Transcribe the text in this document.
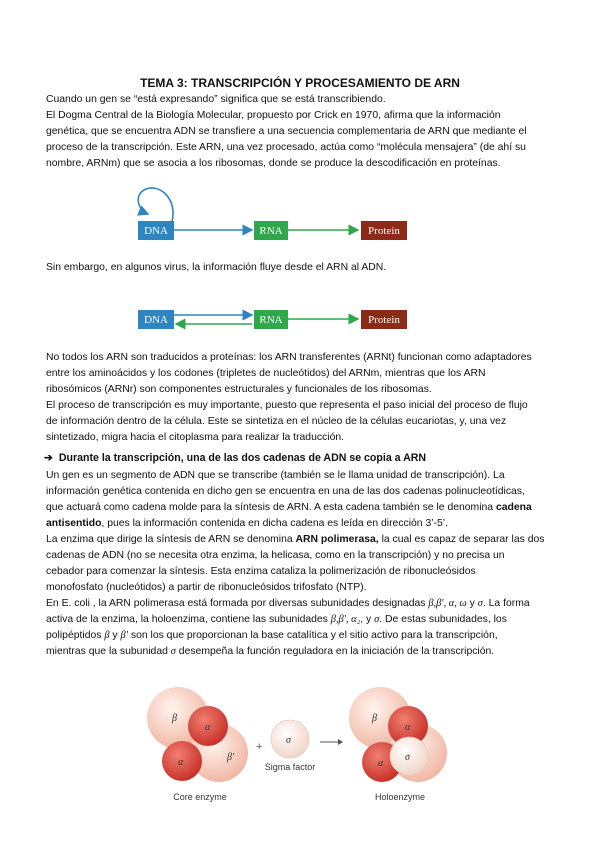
TEMA 3: TRANSCRIPCIÓN Y PROCESAMIENTO DE ARN
Cuando un gen se “está expresando” significa que se está transcribiendo.
El Dogma Central de la Biología Molecular, propuesto por Crick en 1970, afirma que la información
genética, que se encuentra ADN se transfiere a una secuencia complementaria de ARN que mediante el
proceso de la transcripción. Este ARN, una vez procesado, actúa como “molécula mensajera” (de ahí su
nombre, ARNm) que se asocia a los ribosomas, donde se produce la descodificación en proteínas.
DNA	RNA	Protein
Sin embargo, en algunos virus, la información fluye desde el ARN al ADN.
DNA	RNA	Protein
No todos los ARN son traducidos a proteínas: los ARN transferentes (ARNt) funcionan como adaptadores
entre los aminoácidos y los codones (tripletes de nucleótidos) del ARNm, mientras que los ARN
ribosómicos (ARNr) son componentes estructurales y funcionales de los ribosomas.
El proceso de transcripción es muy importante, puesto que representa el paso inicial del proceso de flujo
de información dentro de la célula. Este se sintetiza en el núcleo de la células eucariotas, y, una vez
sintetizado, migra hacia el citoplasma para realizar la traducción.
➔ Durante la transcripción, una de las dos cadenas de ADN se copia a ARN
Un gen es un segmento de ADN que se transcribe (también se le llama unidad de transcripción). La
información genética contenida en dicho gen se encuentra en una de las dos cadenas polinucleotídicas,
que actuará como cadena molde para la síntesis de ARN. A esta cadena también se le denomina cadena
antisentido, pues la información contenida en dicha cadena es leída en dirección 3’-5’.
La enzima que dirige la síntesis de ARN se denomina ARN polimerasa, la cual es capaz de separar las dos
cadenas de ADN (no se necesita otra enzima, la helicasa, como en la transcripción) y no precisa un
cebador para comenzar la síntesis. Esta enzima cataliza la polimerización de ribonucleósidos
monofosfato (nucleótidos) a partir de ribonucleósidos trifosfato (NTP).
En E. coli , la ARN polimerasa está formada por diversas subunidades designadas β,β′, α, ω y σ. La forma
activa de la enzima, la holoenzima, contiene las subunidades β,β′, α₂, y σ. De estas subunidades, los
polipéptidos β y β′ son los que proporcionan la base catalítica y el sitio activo para la transcripción,
mientras que la subunidad σ desempeña la función reguladora en la iniciación de la transcripción.
β
α
α	β′
+
σ
β
α
α
σ
Core enzyme
Sigma factor
Holoenzyme
